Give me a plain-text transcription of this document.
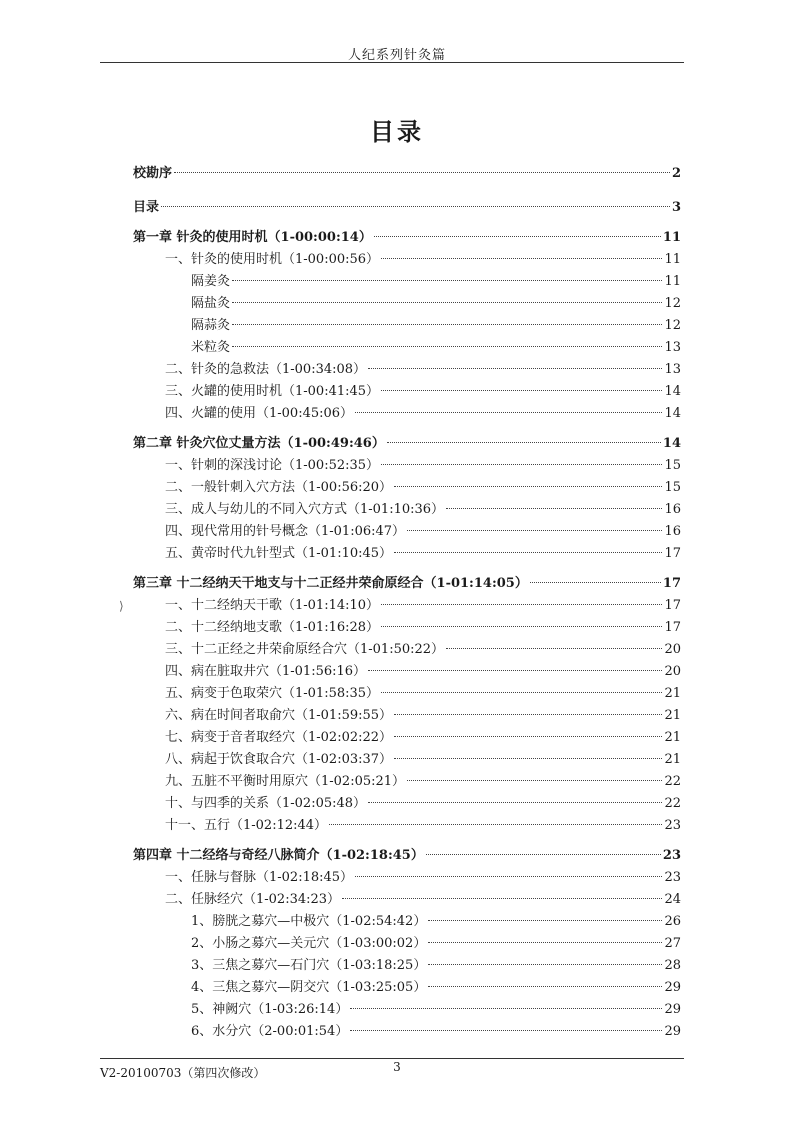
人纪系列针灸篇
目录
校勘序	2
目录	3
第一章 针灸的使用时机（1-00:00:14）	11
一、针灸的使用时机（1-00:00:56）	11
隔姜灸	11
隔盐灸	12
隔蒜灸	12
米粒灸	13
二、针灸的急救法（1-00:34:08）	13
三、火罐的使用时机（1-00:41:45）	14
四、火罐的使用（1-00:45:06）	14
第二章 针灸穴位丈量方法（1-00:49:46）	14
一、针刺的深浅讨论（1-00:52:35）	15
二、一般针刺入穴方法（1-00:56:20）	15
三、成人与幼儿的不同入穴方式（1-01:10:36）	16
四、现代常用的针号概念（1-01:06:47）	16
五、黄帝时代九针型式（1-01:10:45）	17
第三章 十二经纳天干地支与十二正经井荣俞原经合（1-01:14:05）	17
⟩	一、十二经纳天干歌（1-01:14:10）	17
二、十二经纳地支歌（1-01:16:28）	17
三、十二正经之井荣俞原经合穴（1-01:50:22）	20
四、病在脏取井穴（1-01:56:16）	20
五、病变于色取荣穴（1-01:58:35）	21
六、病在时间者取俞穴（1-01:59:55）	21
七、病变于音者取经穴（1-02:02:22）	21
八、病起于饮食取合穴（1-02:03:37）	21
九、五脏不平衡时用原穴（1-02:05:21）	22
十、与四季的关系（1-02:05:48）	22
十一、五行（1-02:12:44）	23
第四章 十二经络与奇经八脉简介（1-02:18:45）	23
一、任脉与督脉（1-02:18:45）	23
二、任脉经穴（1-02:34:23）	24
1、膀胱之募穴—中极穴（1-02:54:42）	26
2、小肠之募穴—关元穴（1-03:00:02）	27
3、三焦之募穴—石门穴（1-03:18:25）	28
4、三焦之募穴—阴交穴（1-03:25:05）	29
5、神阙穴（1-03:26:14）	29
6、水分穴（2-00:01:54）	29
V2-20100703（第四次修改）	3
